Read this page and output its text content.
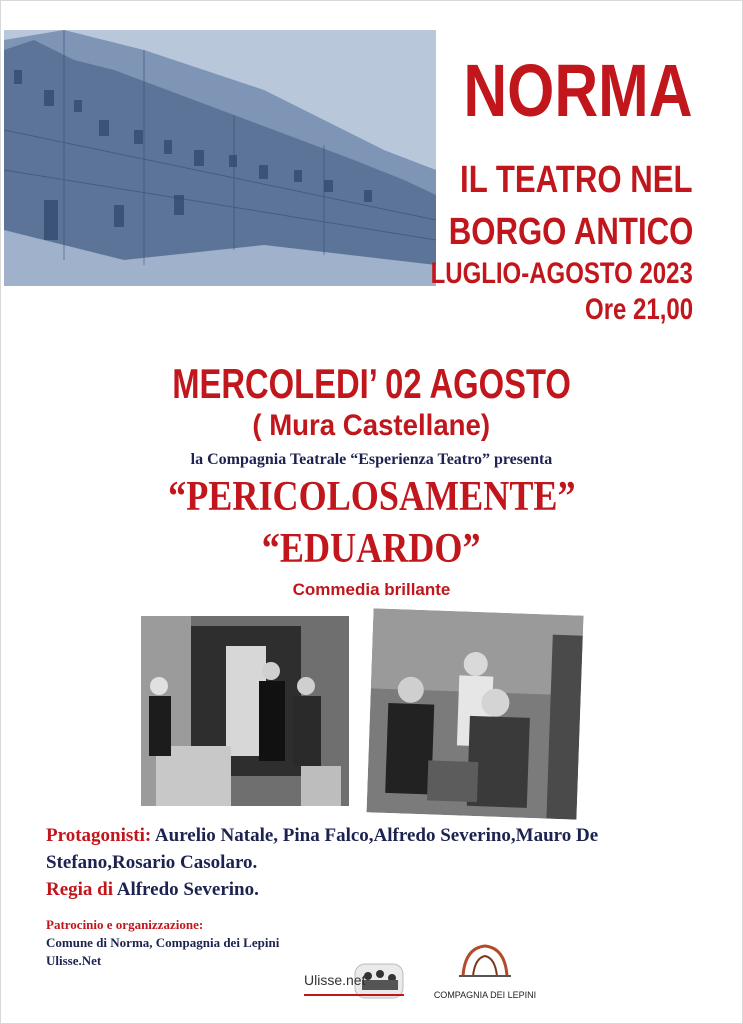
NORMA
IL TEATRO NEL
BORGO ANTICO
LUGLIO-AGOSTO 2023
Ore 21,00
MERCOLEDI’ 02 AGOSTO
( Mura Castellane)
la Compagnia Teatrale “Esperienza Teatro” presenta
“PERICOLOSAMENTE”
“EDUARDO”
Commedia brillante
Protagonisti: Aurelio Natale, Pina Falco,Alfredo Severino,Mauro De
Stefano,Rosario Casolaro.
Regia di Alfredo Severino.
Patrocinio e organizzazione:
Comune di Norma, Compagnia dei Lepini
Ulisse.Net
Ulisse.net
COMPAGNIA DEI LEPINI
